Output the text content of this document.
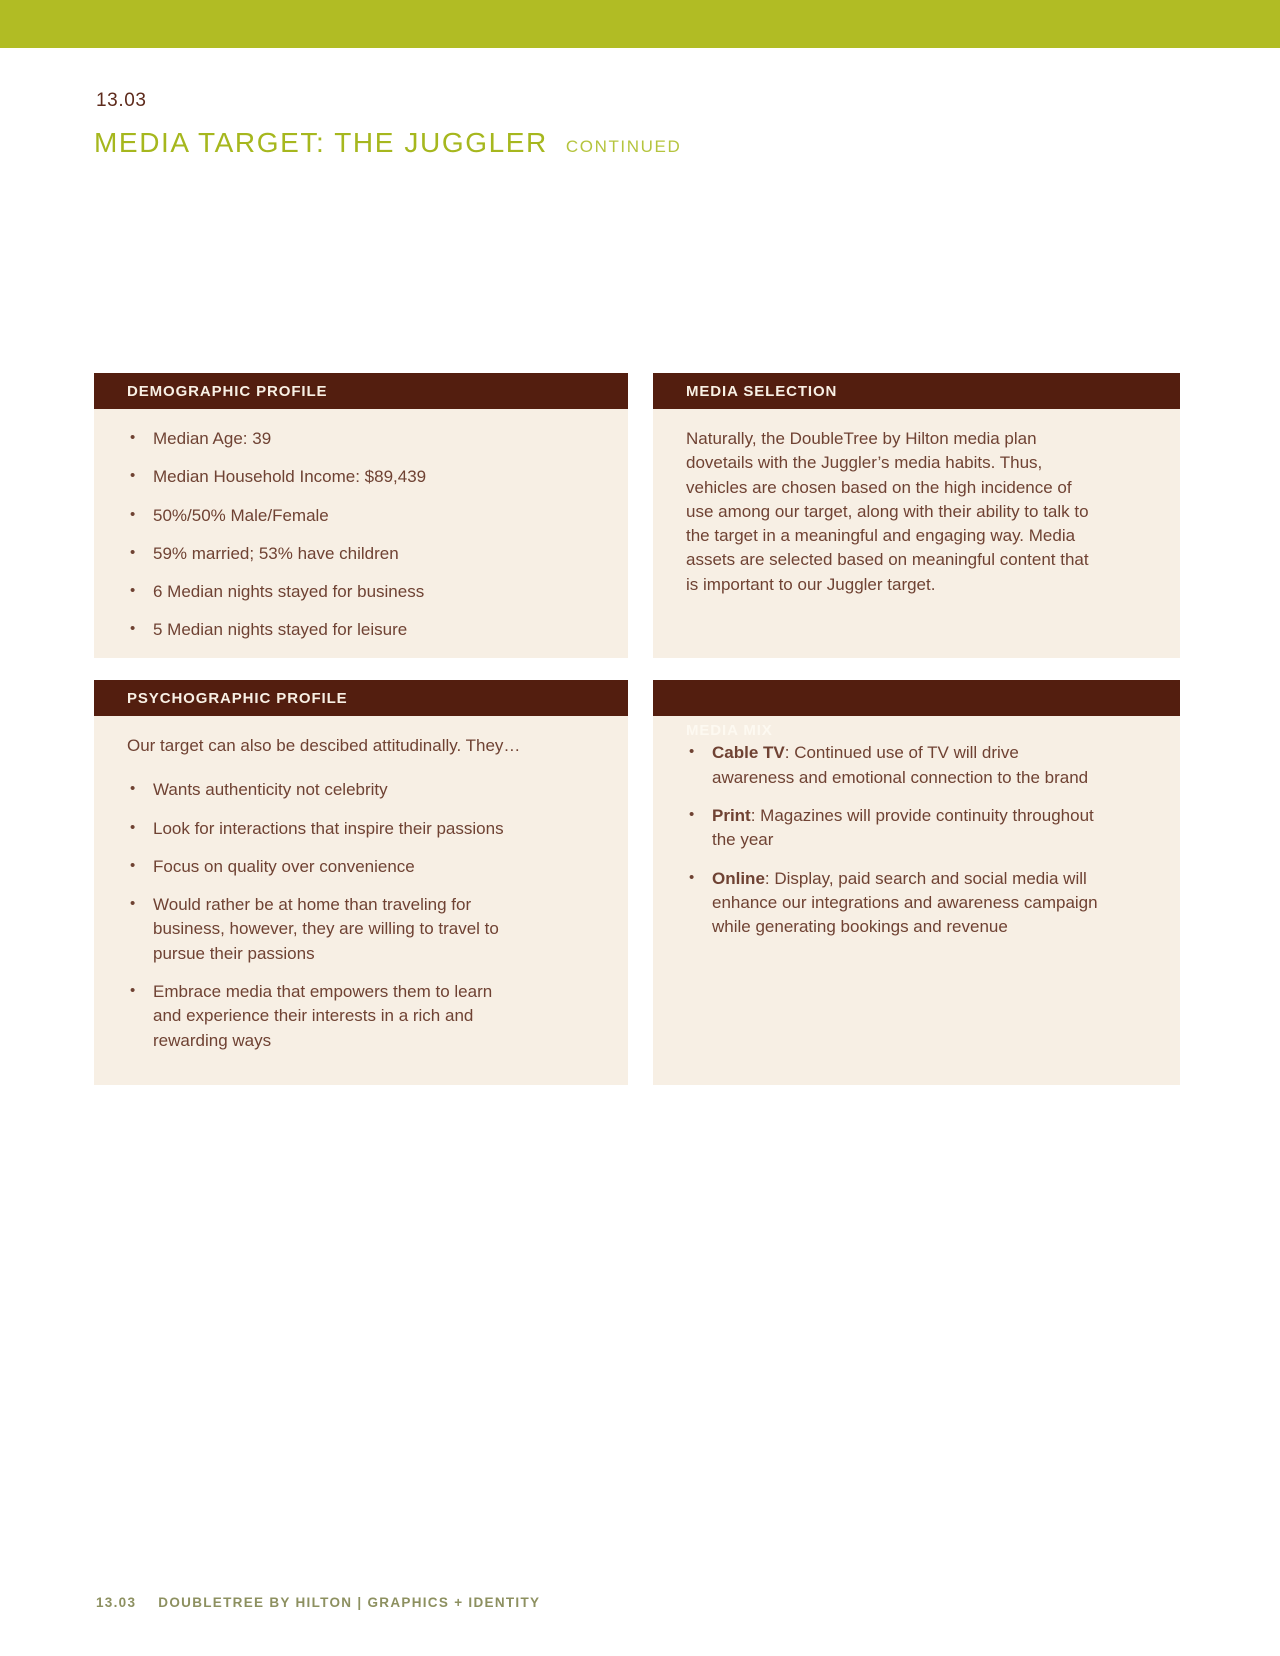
13.03
MEDIA TARGET: THE JUGGLER CONTINUED
DEMOGRAPHIC PROFILE
• Median Age: 39
• Median Household Income: $89,439
• 50%/50% Male/Female
• 59% married; 53% have children
• 6 Median nights stayed for business
• 5 Median nights stayed for leisure
MEDIA SELECTION

Naturally, the DoubleTree by Hilton media plan dovetails with the Juggler’s media habits. Thus, vehicles are chosen based on the high incidence of use among our target, along with their ability to talk to the target in a meaningful and engaging way. Media assets are selected based on meaningful content that is important to our Juggler target.

PSYCHOGRAPHIC PROFILE

Our target can also be descibed attitudinally. They…

• Wants authenticity not celebrity
• Look for interactions that inspire their passions
• Focus on quality over convenience
• Would rather be at home than traveling for business, however, they are willing to travel to pursue their passions
• Embrace media that empowers them to learn and experience their interests in a rich and rewarding ways
MEDIA MIX
• Cable TV: Continued use of TV will drive awareness and emotional connection to the brand
• Print: Magazines will provide continuity throughout the year
• Online: Display, paid search and social media will enhance our integrations and awareness campaign while generating bookings and revenue
13.03 DOUBLETREE BY HILTON | GRAPHICS + IDENTITY
